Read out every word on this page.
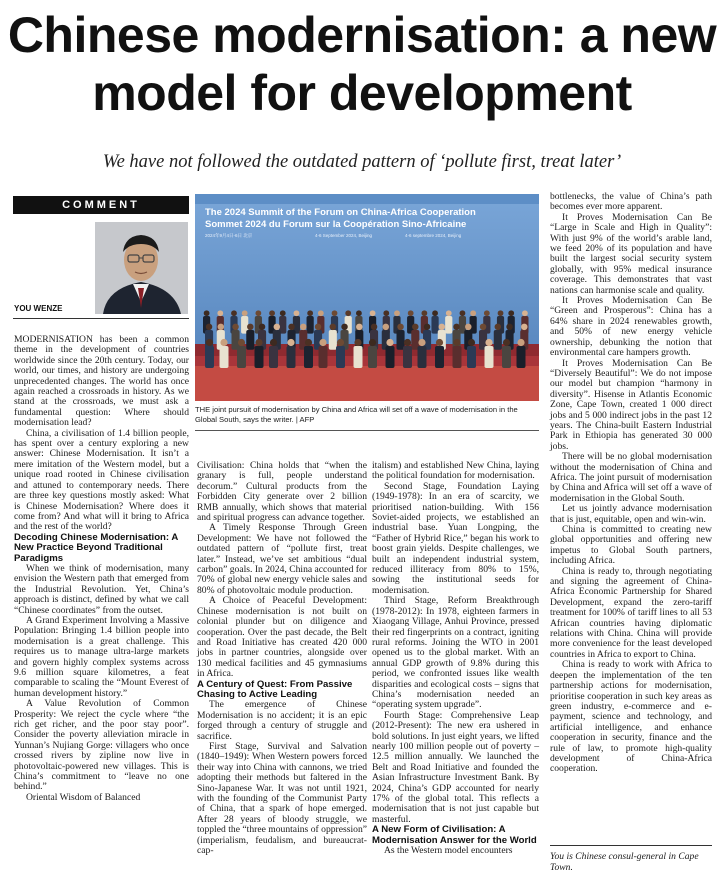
Chinese modernisation: a new
model for development
We have not followed the outdated pattern of ‘pollute first, treat later’
COMMENT
YOU WENZE

MODERNISATION has been a common theme in the development of countries worldwide since the 20th century. Today, our world, our times, and history are undergoing unprecedented changes. The world has once again reached a crossroads in history. As we stand at the crossroads, we must ask a fundamental question: Where should modernisation lead?

China, a civilisation of 1.4 billion people, has spent over a century exploring a new answer: Chinese Modernisation. It isn’t a mere imitation of the Western model, but a unique road rooted in Chinese civilisation and attuned to contemporary needs. There are three key questions mostly asked: What is Chinese Modernisation? Where does it come from? And what will it bring to Africa and the rest of the world?

Decoding Chinese Modernisation: A New Practice Beyond Traditional Paradigms

When we think of modernisation, many envision the Western path that emerged from the Industrial Revolution. Yet, China’s approach is distinct, defined by what we call “Chinese coordinates” from the outset.

A Grand Experiment Involving a Massive Population: Bringing 1.4 billion people into modernisation is a great challenge. This requires us to manage ultra-large markets and govern highly complex systems across 9.6 million square kilometres, a feat comparable to scaling the “Mount Everest of human development history.”

A Value Revolution of Common Prosperity: We reject the cycle where “the rich get richer, and the poor stay poor”. Consider the poverty alleviation miracle in Yunnan’s Nujiang Gorge: villagers who once crossed rivers by zipline now live in photovoltaic-powered new villages. This is China’s commitment to “leave no one behind.”

Oriental Wisdom of Balanced

The 2024 Summit of the Forum on China-Africa Cooperation
Sommet 2024 du Forum sur la Coopération Sino-Africaine
2024年9月4日-6日 北京	4-6 September 2024, Beijing	4-6 septembre 2024, Beijing
THE joint pursuit of modernisation by China and Africa will set off a wave of modernisation in the Global South, says the writer. | AFP

Civilisation: China holds that “when the granary is full, people understand decorum.” Cultural products from the Forbidden City generate over 2 billion RMB annually, which shows that material and spiritual progress can advance together.

A Timely Response Through Green Development: We have not followed the outdated pattern of “pollute first, treat later.” Instead, we’ve set ambitious “dual carbon” goals. In 2024, China accounted for 70% of global new energy vehicle sales and 80% of photovoltaic module production.

A Choice of Peaceful Development: Chinese modernisation is not built on colonial plunder but on diligence and cooperation. Over the past decade, the Belt and Road Initiative has created 420 000 jobs in partner countries, alongside over 130 medical facilities and 45 gymnasiums in Africa.

A Century of Quest: From Passive Chasing to Active Leading

The emergence of Chinese Modernisation is no accident; it is an epic forged through a century of struggle and sacrifice.

First Stage, Survival and Salvation (1840–1949): When Western powers forced their way into China with cannons, we tried adopting their methods but faltered in the Sino-Japanese War. It was not until 1921, with the founding of the Communist Party of China, that a spark of hope emerged. After 28 years of bloody struggle, we toppled the “three mountains of oppression” (imperialism, feudalism, and bureaucrat-cap-

italism) and established New China, laying the political foundation for modernisation.

Second Stage, Foundation Laying (1949-1978): In an era of scarcity, we prioritised nation-building. With 156 Soviet-aided projects, we established an industrial base. Yuan Longping, the “Father of Hybrid Rice,” began his work to boost grain yields. Despite challenges, we built an independent industrial system, reduced illiteracy from 80% to 15%, sowing the institutional seeds for modernisation.

Third Stage, Reform Breakthrough (1978-2012): In 1978, eighteen farmers in Xiaogang Village, Anhui Province, pressed their red fingerprints on a contract, igniting rural reforms. Joining the WTO in 2001 opened us to the global market. With an annual GDP growth of 9.8% during this period, we confronted issues like wealth disparities and ecological costs – signs that China’s modernisation needed an “operating system upgrade”.

Fourth Stage: Comprehensive Leap (2012-Present): The new era ushered in bold solutions. In just eight years, we lifted nearly 100 million people out of poverty – 12.5 million annually. We launched the Belt and Road Initiative and founded the Asian Infrastructure Investment Bank. By 2024, China’s GDP accounted for nearly 17% of the global total. This reflects a modernisation that is not just capable but masterful.

A New Form of Civilisation: A Modernisation Answer for the World

As the Western model encounters

bottlenecks, the value of China’s path becomes ever more apparent.

It Proves Modernisation Can Be “Large in Scale and High in Quality”: With just 9% of the world’s arable land, we feed 20% of its population and have built the largest social security system globally, with 95% medical insurance coverage. This demonstrates that vast nations can harmonise scale and quality.

It Proves Modernisation Can Be “Green and Prosperous”: China has a 64% share in 2024 renewables growth, and 50% of new energy vehicle ownership, debunking the notion that environmental care hampers growth.

It Proves Modernisation Can Be “Diversely Beautiful”: We do not impose our model but champion “harmony in diversity”. Hisense in Atlantis Economic Zone, Cape Town, created 1 000 direct jobs and 5 000 indirect jobs in the past 12 years. The China-built Eastern Industrial Park in Ethiopia has generated 30 000 jobs.

There will be no global modernisation without the modernisation of China and Africa. The joint pursuit of modernisation by China and Africa will set off a wave of modernisation in the Global South.

Let us jointly advance modernisation that is just, equitable, open and win-win.

China is committed to creating new global opportunities and offering new impetus to Global South partners, including Africa.

China is ready to, through negotiating and signing the agreement of China-Africa Economic Partnership for Shared Development, expand the zero-tariff treatment for 100% of tariff lines to all 53 African countries having diplomatic relations with China. China will provide more convenience for the least developed countries in Africa to export to China.

China is ready to work with Africa to deepen the implementation of the ten partnership actions for modernisation, prioritise cooperation in such key areas as green industry, e-commerce and e-payment, science and technology, and artificial intelligence, and enhance cooperation in security, finance and the rule of law, to promote high-quality development of China-Africa cooperation.

You is Chinese consul-general in Cape Town.
